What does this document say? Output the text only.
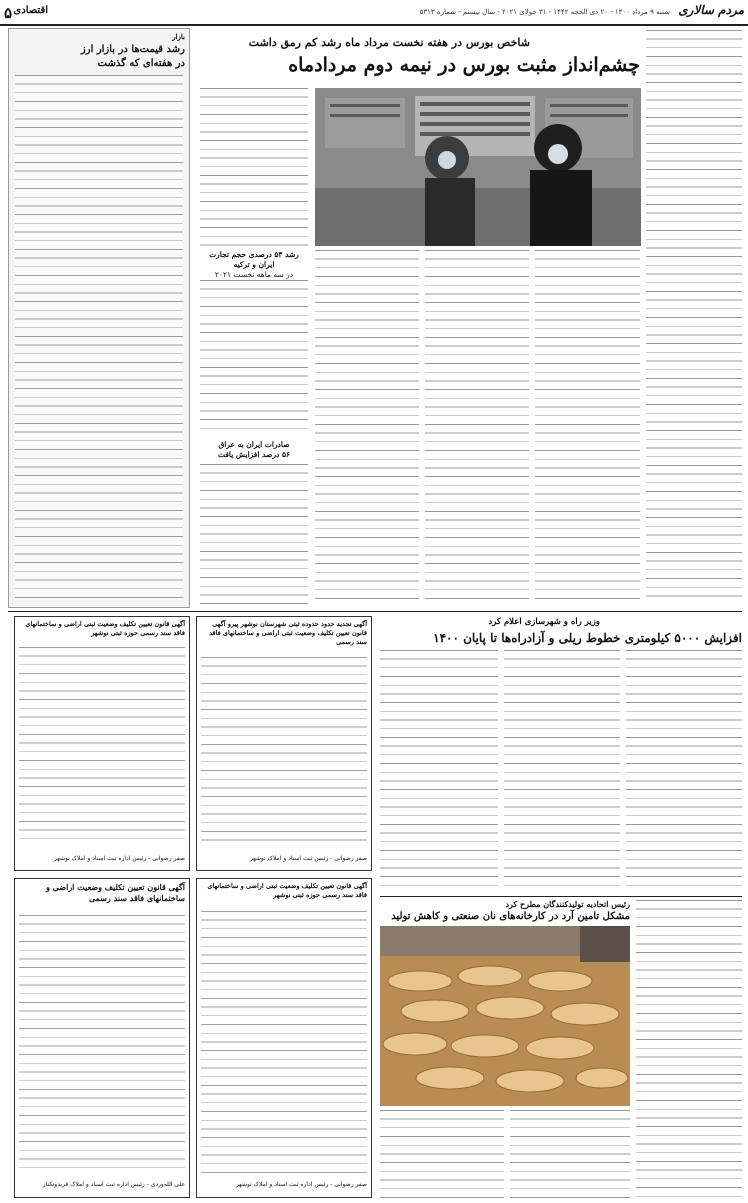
۵ اقتصادی	شنبه ۹ مرداد ۱۴۰۰ - ۲۰ ذی الحجه ۱۴۴۲ - ۳۱ جولای ۲۰۲۱ - سال بیستم - شماره ۵۳۱۳ مردم سالاری
بازار
رشد قیمت‌ها در بازار ارز
در هفته‌ای که گذشت
شاخص بورس در هفته نخست مرداد ماه رشد کم رمق داشت
چشم‌انداز مثبت بورس در نیمه دوم مردادماه
رشد ۵۳ درصدی حجم تجارت ایران و ترکیه
در سه ماهه نخست ۲۰۲۱
صادرات ایران به عراق
۵۶ درصد افزایش یافت
آگهی تجدید حدود حدوده ثبتی شهرستان نوشهر پیرو آگهی قانون تعیین تکلیف وضعیت ثبتی اراضی و ساختمانهای فاقد سند رسمی
صفر رضوانی - رئیس ثبت اسناد و املاک نوشهر
آگهی قانون تعیین تکلیف وضعیت ثبتی اراضی و ساختمانهای فاقد سند رسمی حوزه ثبتی نوشهر
صفر رضوانی - رئیس اداره ثبت اسناد و املاک نوشهر
آگهی قانون تعیین تکلیف وضعیت ثبتی اراضی و ساختمانهای فاقد سند رسمی حوزه ثبتی نوشهر
صفر رضوانی - رئیس اداره ثبت اسناد و املاک نوشهر
آگهی قانون تعیین تکلیف وضعیت اراضی و ساختمانهای فاقد سند رسمی
علی الله‌وردی - رئیس اداره ثبت اسناد و املاک فریدونکنار
وزیر راه و شهرسازی اعلام کرد
افزایش ۵۰۰۰ کیلومتری خطوط ریلی و آزادراه‌ها تا پایان ۱۴۰۰
رئیس اتحادیه تولیدکنندگان مطرح کرد
مشکل تامین آرد در کارخانه‌های نان صنعتی و کاهش تولید
